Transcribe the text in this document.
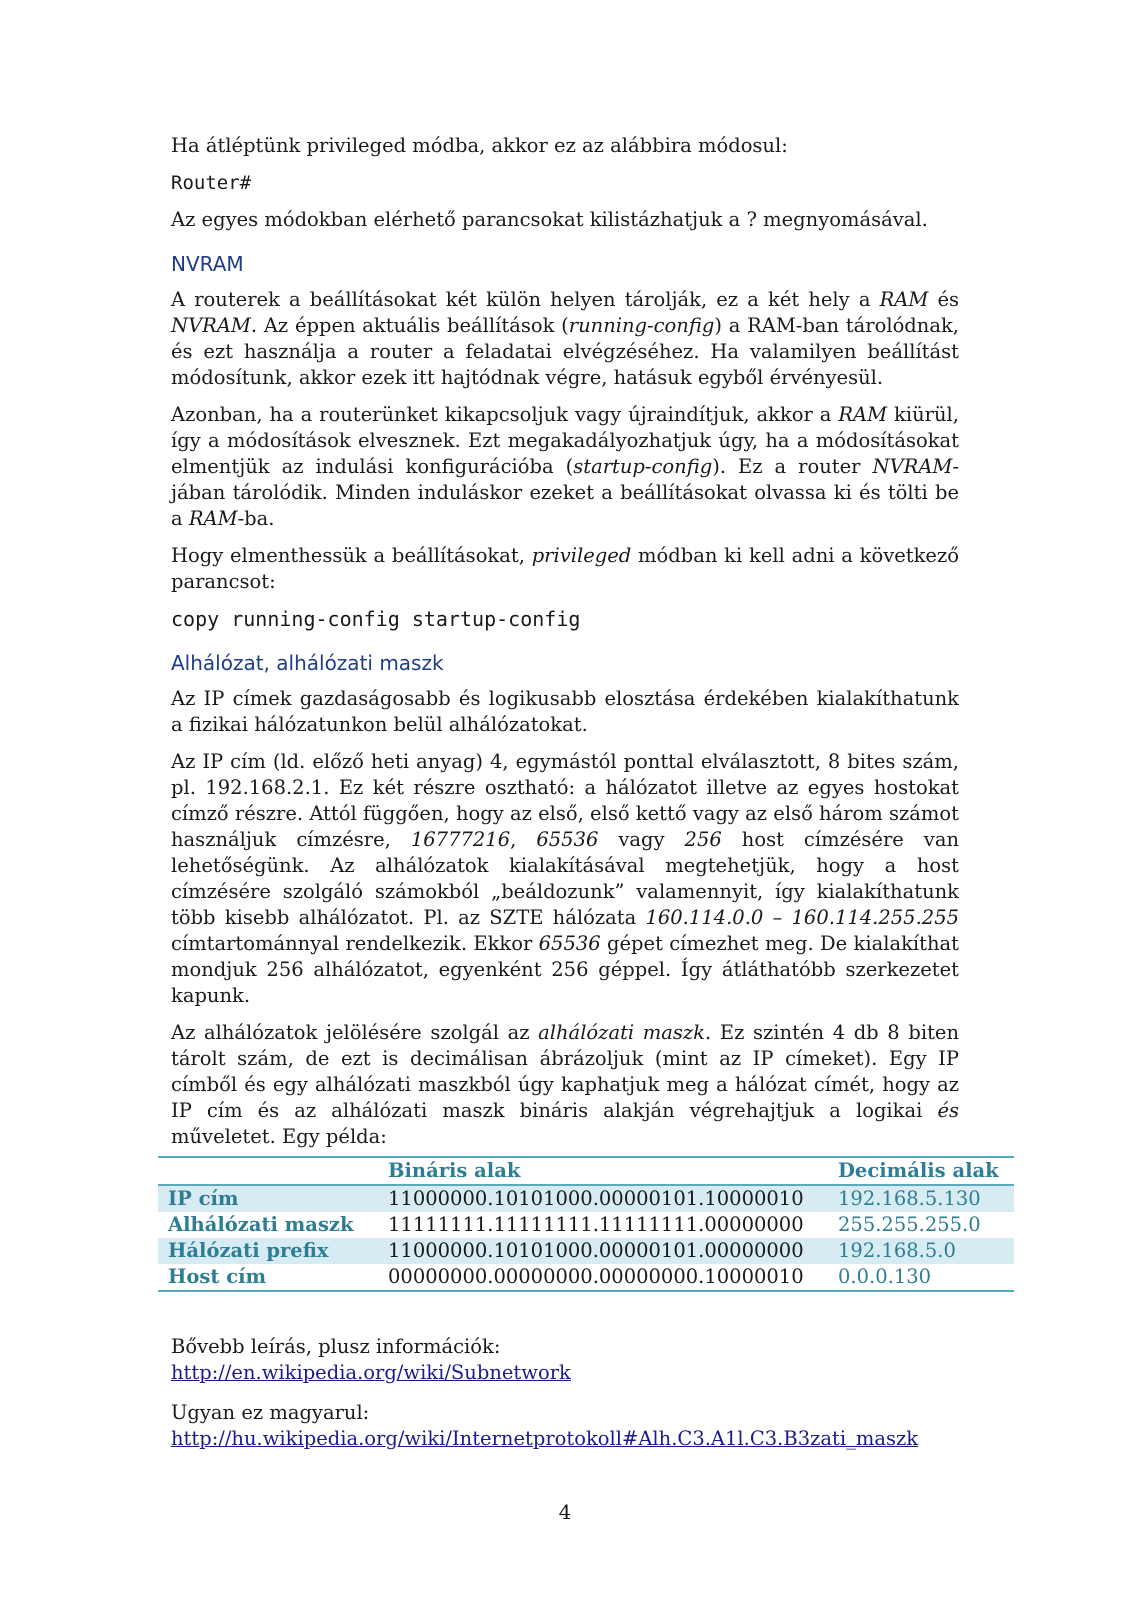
Ha átléptünk privileged módba, akkor ez az alábbira módosul:

Router#

Az egyes módokban elérhető parancsokat kilistázhatjuk a ? megnyomásával.

NVRAM

A routerek a beállításokat két külön helyen tárolják, ez a két hely a RAM és NVRAM. Az éppen aktuális beállítások (running-config) a RAM-ban tárolódnak, és ezt használja a router a feladatai elvégzéséhez. Ha valamilyen beállítást módosítunk, akkor ezek itt hajtódnak végre, hatásuk egyből érvényesül.

Azonban, ha a routerünket kikapcsoljuk vagy újraindítjuk, akkor a RAM kiürül, így a módosítások elvesznek. Ezt megakadályozhatjuk úgy, ha a módosításokat elmentjük az indulási konfigurációba (startup-config). Ez a router NVRAM-jában tárolódik. Minden induláskor ezeket a beállításokat olvassa ki és tölti be a RAM-ba.

Hogy elmenthessük a beállításokat, privileged módban ki kell adni a következő parancsot:

copy running-config startup-config
Alhálózat, alhálózati maszk

Az IP címek gazdaságosabb és logikusabb elosztása érdekében kialakíthatunk a fizikai hálózatunkon belül alhálózatokat.

Az IP cím (ld. előző heti anyag) 4, egymástól ponttal elválasztott, 8 bites szám, pl. 192.168.2.1. Ez két részre osztható: a hálózatot illetve az egyes hostokat címző részre. Attól függően, hogy az első, első kettő vagy az első három számot használjuk címzésre, 16777216, 65536 vagy 256 host címzésére van lehetőségünk. Az alhálózatok kialakításával megtehetjük, hogy a host címzésére szolgáló számokból „beáldozunk” valamennyit, így kialakíthatunk több kisebb alhálózatot. Pl. az SZTE hálózata 160.114.0.0 – 160.114.255.255 címtartománnyal rendelkezik. Ekkor 65536 gépet címezhet meg. De kialakíthat mondjuk 256 alhálózatot, egyenként 256 géppel. Így átláthatóbb szerkezetet kapunk.

Az alhálózatok jelölésére szolgál az alhálózati maszk. Ez szintén 4 db 8 biten tárolt szám, de ezt is decimálisan ábrázoljuk (mint az IP címeket). Egy IP címből és egy alhálózati maszkból úgy kaphatjuk meg a hálózat címét, hogy az IP cím és az alhálózati maszk bináris alakján végrehajtjuk a logikai és műveletet. Egy példa:

	Bináris alak	Decimális alak
IP cím	11000000.10101000.00000101.10000010	192.168.5.130
Alhálózati maszk	11111111.11111111.11111111.00000000	255.255.255.0
Hálózati prefix	11000000.10101000.00000101.00000000	192.168.5.0
Host cím	00000000.00000000.00000000.10000010	0.0.0.130

Bővebb leírás, plusz információk:
http://en.wikipedia.org/wiki/Subnetwork

Ugyan ez magyarul:
http://hu.wikipedia.org/wiki/Internetprotokoll#Alh.C3.A1l.C3.B3zati_maszk

4
